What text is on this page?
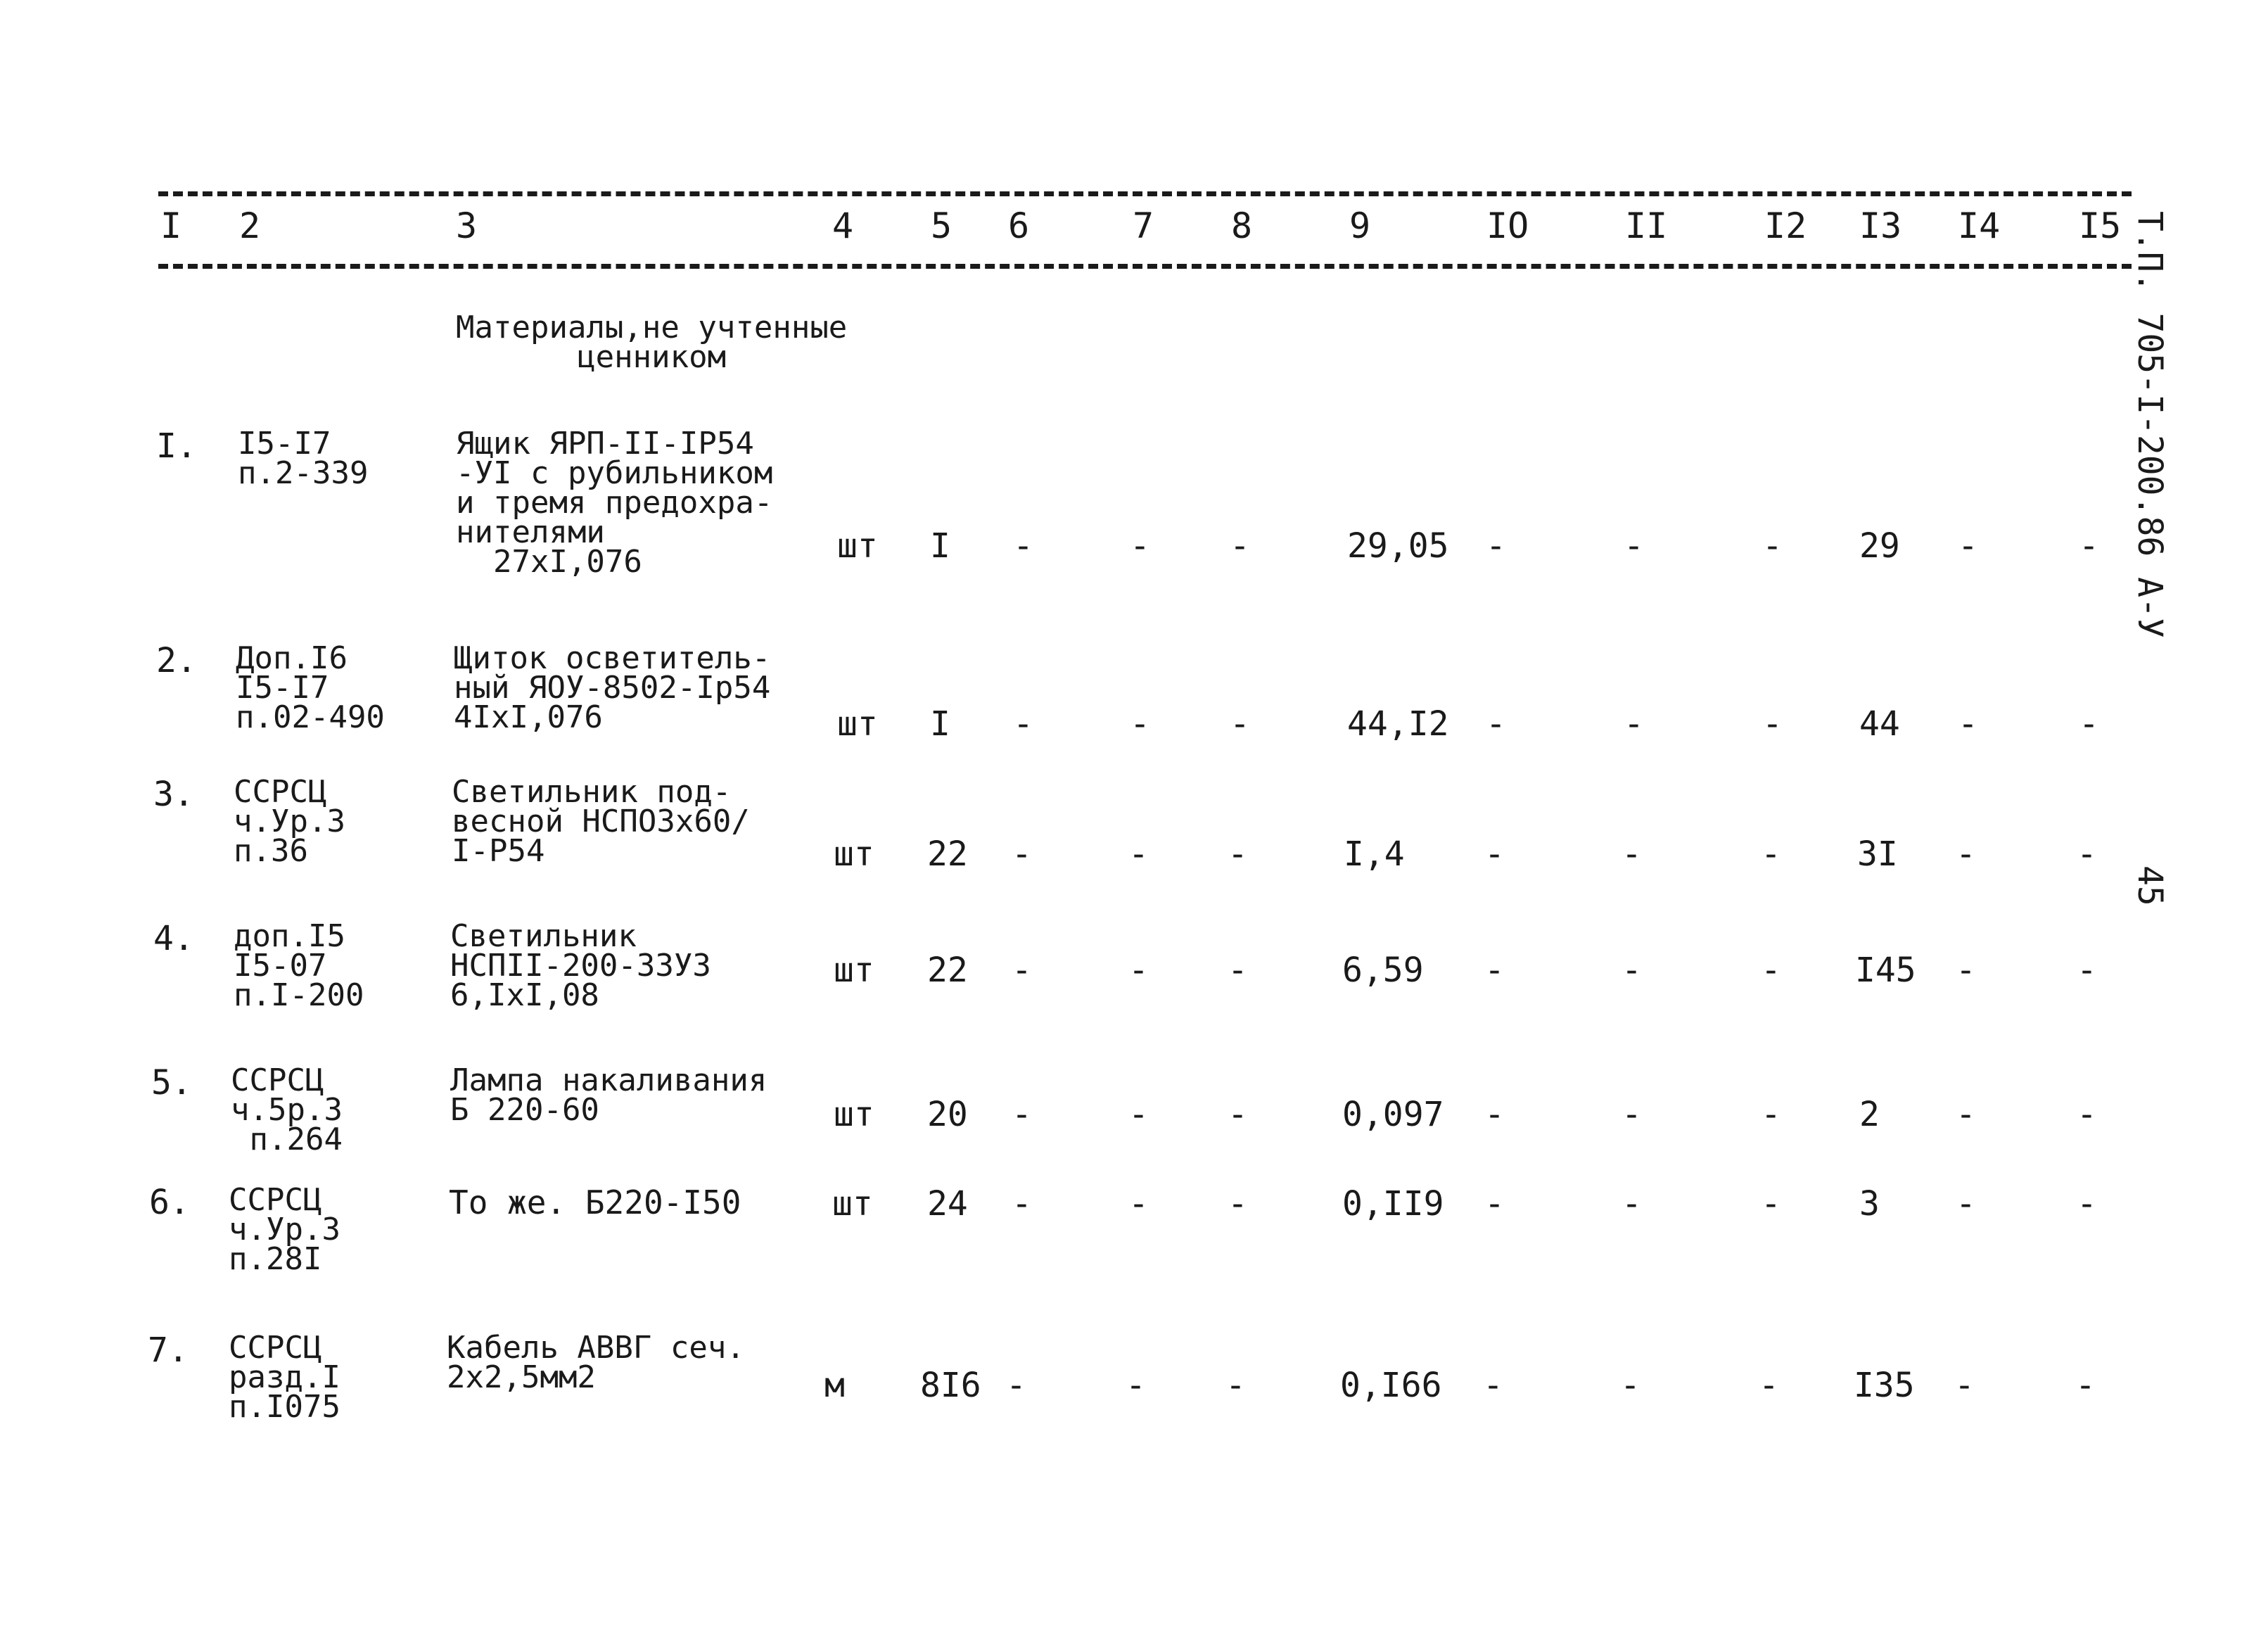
I 2	3	4 5 6	7 8	9	IO	II	I2 I3 I4 I5
Материалы,не учтенные
ценником
I. I5-I7
п.2-339
Ящик ЯРП-II-IP54
-УI с рубильником
и тремя предохра-
нителями
27xI,076	шт I -	- -	29,05 -	-	- 29 -	-
2. Доп.I6
I5-I7
п.02-490
Щиток осветитель-
ный ЯОУ-8502-Iр54
4IxI,076	шт I -	- -	44,I2 -	-	- 44 -	-
3. ССРСЦ
ч.Ур.3
п.36
Светильник под-
весной НСПО3x60/
I-P54	шт 22 -	- -	I,4 -	-	- 3I -	-
4. доп.I5
I5-07
п.I-200
Светильник
НСПII-200-33УЗ
6,IxI,08
шт 22 -	- -	6,59 -	-	- I45 -	-
5. ССРСЦ
ч.5р.3
п.264
Лампа накаливания
Б 220-60	шт 20 -	- -	0,097 -	-	- 2 -	-
6. ССРСЦ
ч.Ур.3
п.28I
То же. Б220-I50	шт 24 -	- -	0,II9 -	-	- 3 -	-
7. ССРСЦ
разд.I
п.I075
Кабель АВВГ сеч.
2x2,5мм2	м 8I6 -	- -	0,I66 -	-	- I35 -	-
Т.П. 705-I-200.86 А-У
45
